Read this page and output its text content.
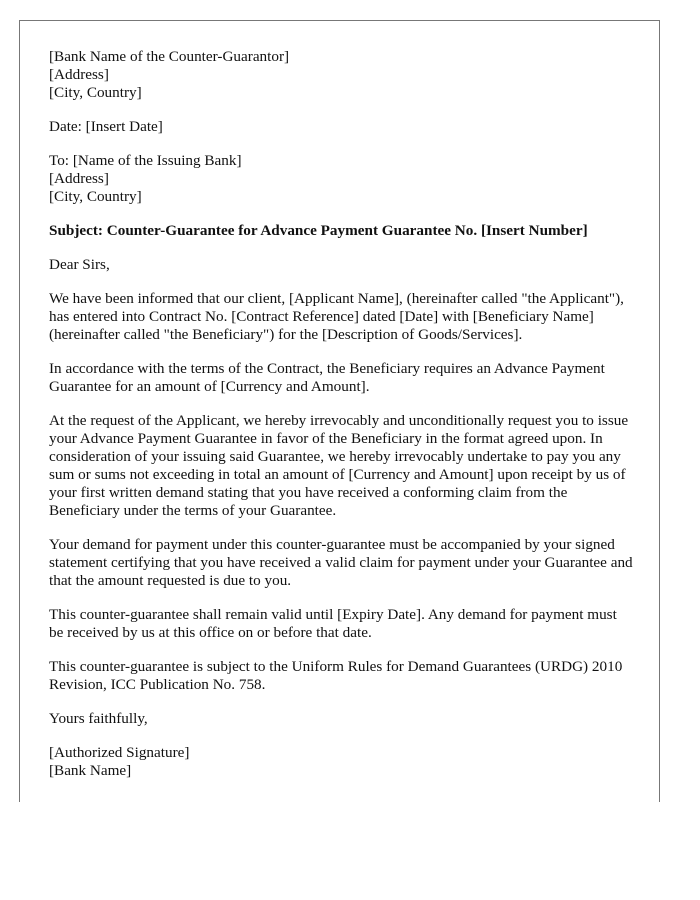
[Bank Name of the Counter-Guarantor]
[Address]
[City, Country]
Date: [Insert Date]
To: [Name of the Issuing Bank]
[Address]
[City, Country]
Subject: Counter-Guarantee for Advance Payment Guarantee No. [Insert Number]
Dear Sirs,

We have been informed that our client, [Applicant Name], (hereinafter called "the Applicant"), has entered into Contract No. [Contract Reference] dated [Date] with [Beneficiary Name] (hereinafter called "the Beneficiary") for the [Description of Goods/Services].

In accordance with the terms of the Contract, the Beneficiary requires an Advance Payment Guarantee for an amount of [Currency and Amount].

At the request of the Applicant, we hereby irrevocably and unconditionally request you to issue your Advance Payment Guarantee in favor of the Beneficiary in the format agreed upon. In consideration of your issuing said Guarantee, we hereby irrevocably undertake to pay you any sum or sums not exceeding in total an amount of [Currency and Amount] upon receipt by us of your first written demand stating that you have received a conforming claim from the Beneficiary under the terms of your Guarantee.

Your demand for payment under this counter-guarantee must be accompanied by your signed statement certifying that you have received a valid claim for payment under your Guarantee and that the amount requested is due to you.

This counter-guarantee shall remain valid until [Expiry Date]. Any demand for payment must be received by us at this office on or before that date.

This counter-guarantee is subject to the Uniform Rules for Demand Guarantees (URDG) 2010 Revision, ICC Publication No. 758.

Yours faithfully,
[Authorized Signature]
[Bank Name]
